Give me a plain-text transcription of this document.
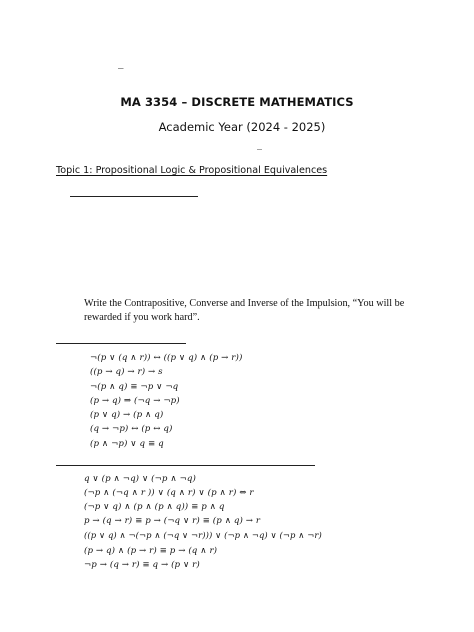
_
MA 3354 – DISCRETE MATHEMATICS
Academic Year (2024 - 2025)
_
Topic 1: Propositional Logic & Propositional Equivalences
Write the Contrapositive, Converse and Inverse of the Impulsion, “You will be rewarded if you work hard”.
¬(p ∨ (q ∧ r)) ↔ ((p ∨ q) ∧ (p → r))
((p → q) → r) → s
¬(p ∧ q) ≡ ¬p ∨ ¬q
(p → q) ⇒ (¬q → ¬p)
(p ∨ q) → (p ∧ q)
(q → ¬p) ↔ (p ↔ q)
(p ∧ ¬p) ∨ q ≡ q
q ∨ (p ∧ ¬q) ∨ (¬p ∧ ¬q)
(¬p ∧ (¬q ∧ r )) ∨ (q ∧ r) ∨ (p ∧ r) ⇔ r
(¬p ∨ q) ∧ (p ∧ (p ∧ q)) ≡ p ∧ q
p → (q → r) ≡ p → (¬q ∨ r) ≡ (p ∧ q) → r
((p ∨ q) ∧ ¬(¬p ∧ (¬q ∨ ¬r))) ∨ (¬p ∧ ¬q) ∨ (¬p ∧ ¬r)
(p → q) ∧ (p → r) ≡ p → (q ∧ r)
¬p → (q → r) ≡ q → (p ∨ r)
